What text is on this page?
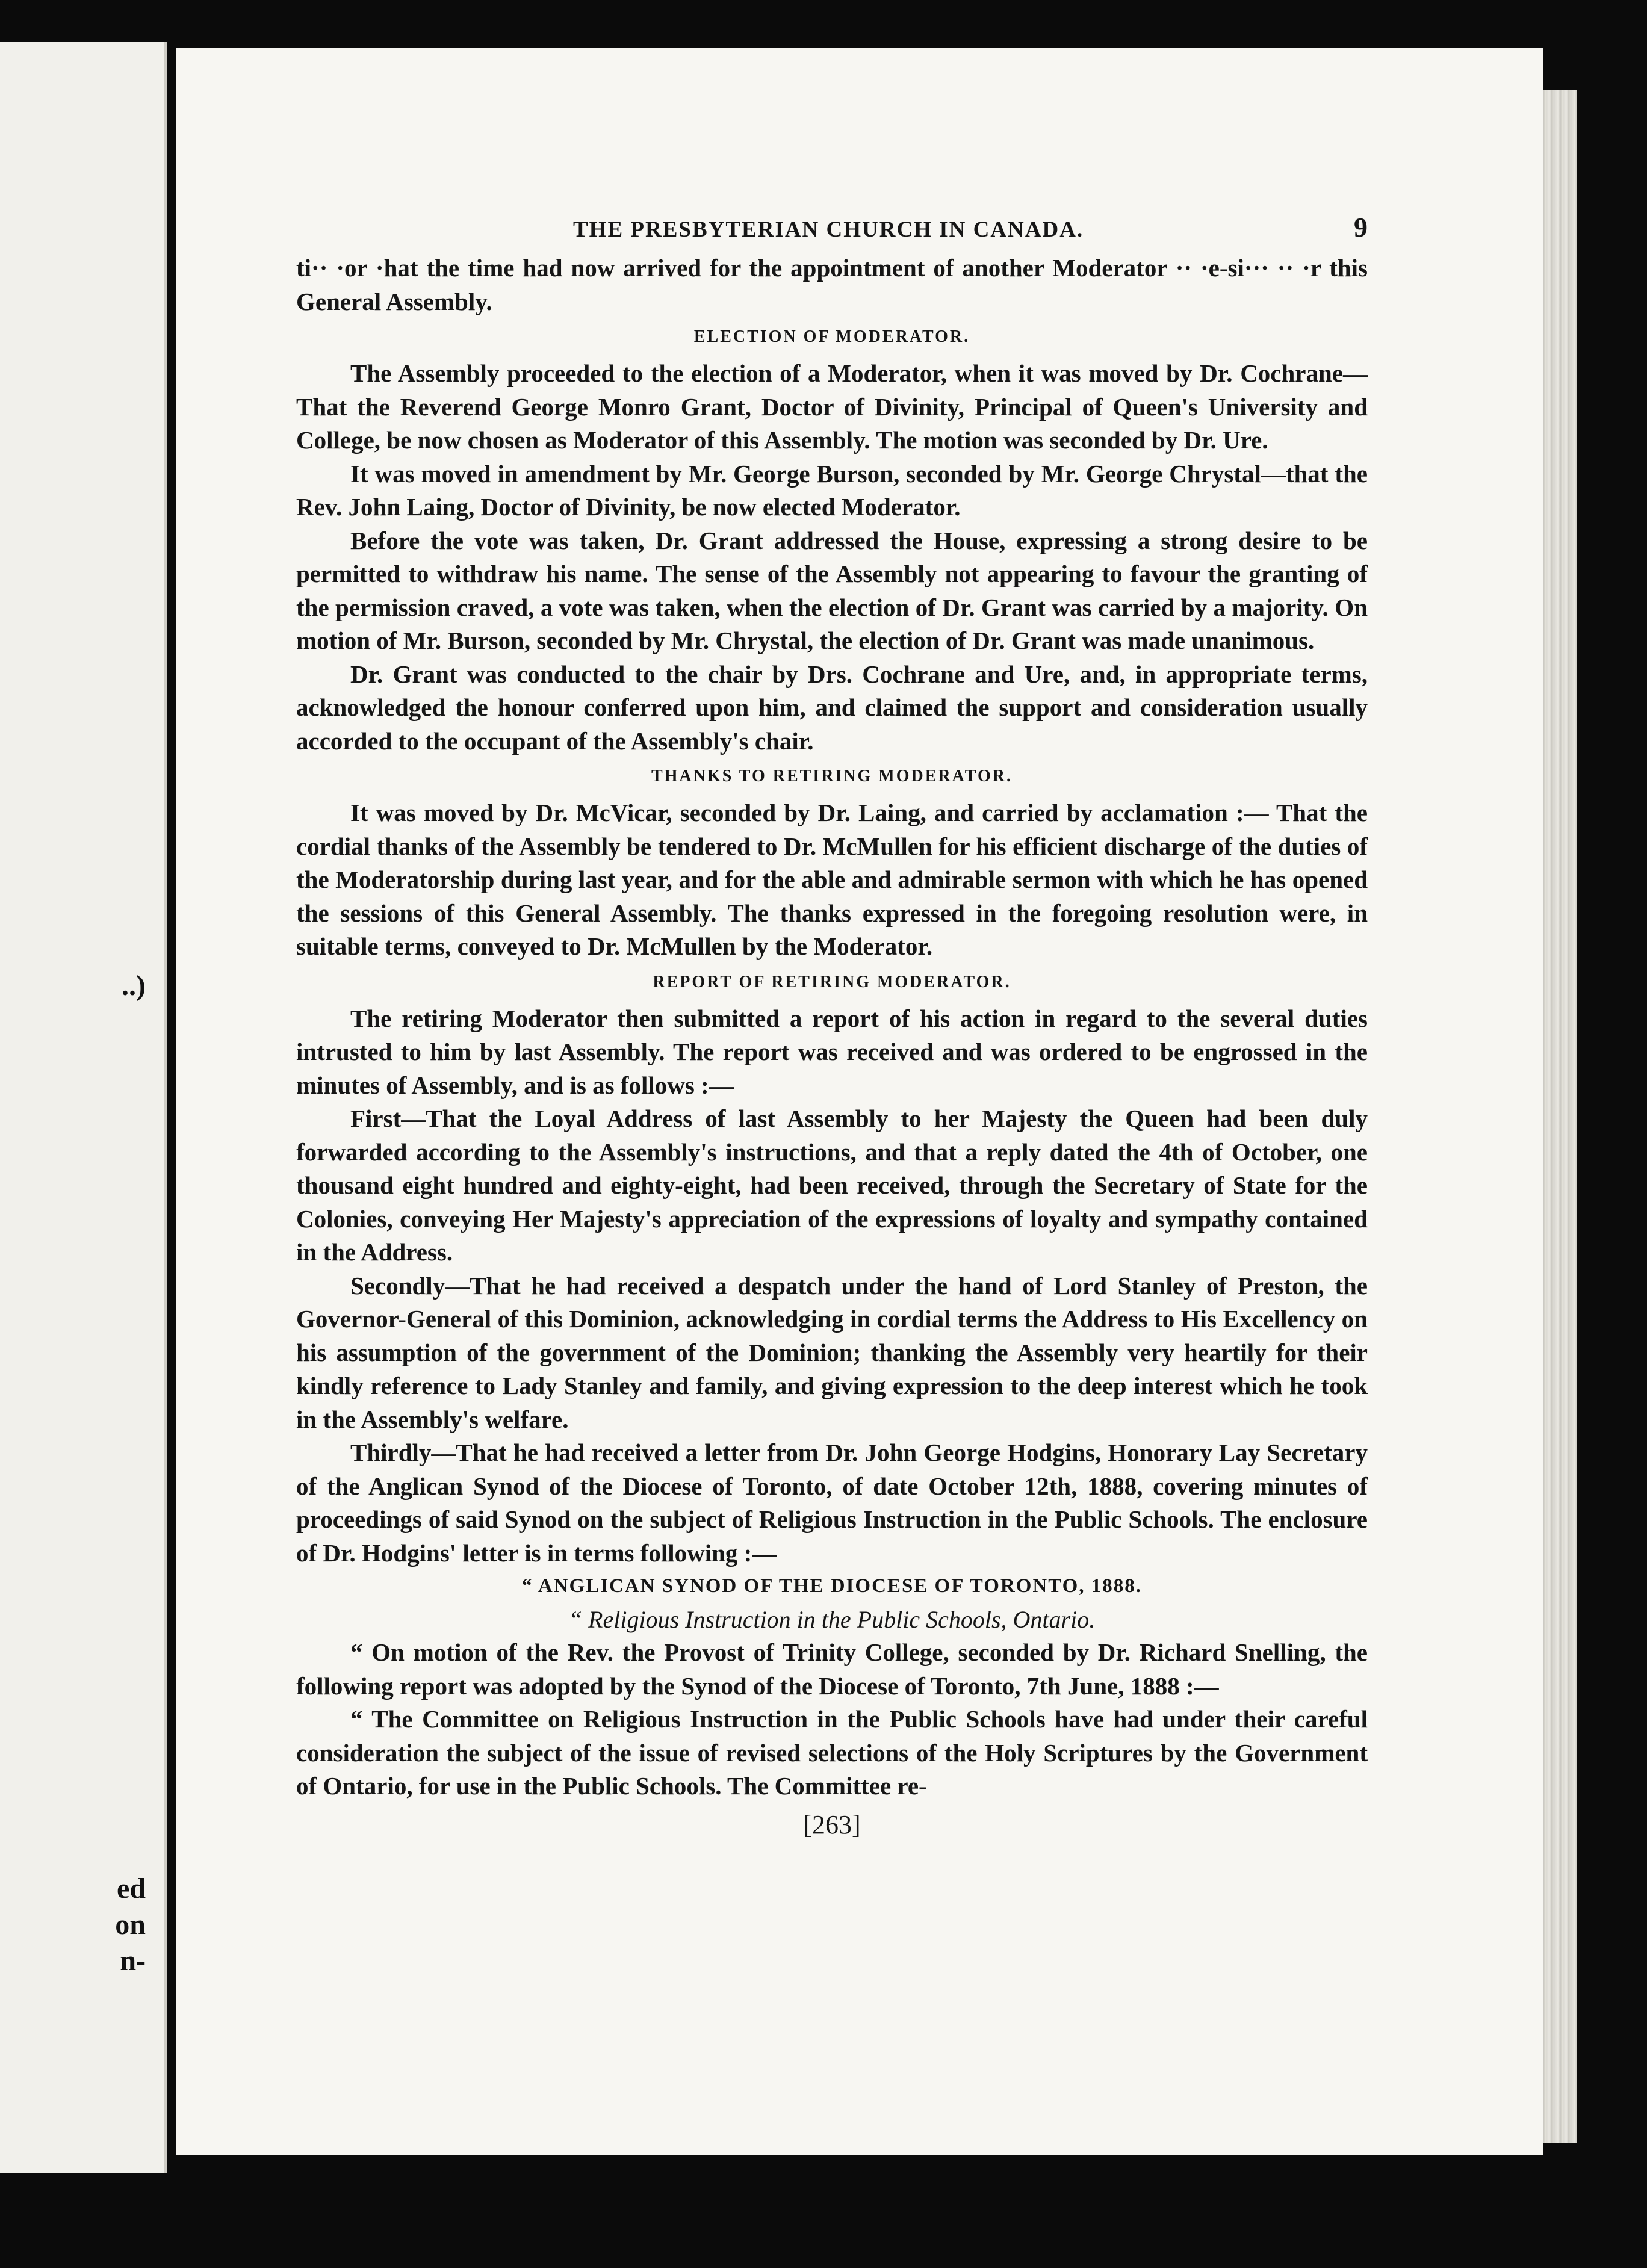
..)
ed
on
n-
THE PRESBYTERIAN CHURCH IN CANADA.	9

ti·· ·or ·hat the time had now arrived for the appointment of another Moderator ·· ·e-si··· ·· ·r this General Assembly.

ELECTION OF MODERATOR.

The Assembly proceeded to the election of a Moderator, when it was moved by Dr. Cochrane—That the Reverend George Monro Grant, Doctor of Divinity, Principal of Queen's University and College, be now chosen as Moderator of this Assembly. The motion was seconded by Dr. Ure.

It was moved in amendment by Mr. George Burson, seconded by Mr. George Chrystal—that the Rev. John Laing, Doctor of Divinity, be now elected Moderator.

Before the vote was taken, Dr. Grant addressed the House, expressing a strong desire to be permitted to withdraw his name. The sense of the Assembly not appearing to favour the granting of the permission craved, a vote was taken, when the election of Dr. Grant was carried by a majority. On motion of Mr. Burson, seconded by Mr. Chrystal, the election of Dr. Grant was made unanimous.

Dr. Grant was conducted to the chair by Drs. Cochrane and Ure, and, in appropriate terms, acknowledged the honour conferred upon him, and claimed the support and consideration usually accorded to the occupant of the Assembly's chair.

THANKS TO RETIRING MODERATOR.

It was moved by Dr. McVicar, seconded by Dr. Laing, and carried by acclamation :— That the cordial thanks of the Assembly be tendered to Dr. McMullen for his efficient discharge of the duties of the Moderatorship during last year, and for the able and admirable sermon with which he has opened the sessions of this General Assembly. The thanks expressed in the foregoing resolution were, in suitable terms, conveyed to Dr. McMullen by the Moderator.

REPORT OF RETIRING MODERATOR.

The retiring Moderator then submitted a report of his action in regard to the several duties intrusted to him by last Assembly. The report was received and was ordered to be engrossed in the minutes of Assembly, and is as follows :—

First—That the Loyal Address of last Assembly to her Majesty the Queen had been duly forwarded according to the Assembly's instructions, and that a reply dated the 4th of October, one thousand eight hundred and eighty-eight, had been received, through the Secretary of State for the Colonies, conveying Her Majesty's appreciation of the expressions of loyalty and sympathy contained in the Address.

Secondly—That he had received a despatch under the hand of Lord Stanley of Preston, the Governor-General of this Dominion, acknowledging in cordial terms the Address to His Excellency on his assumption of the government of the Dominion; thanking the Assembly very heartily for their kindly reference to Lady Stanley and family, and giving expression to the deep interest which he took in the Assembly's welfare.

Thirdly—That he had received a letter from Dr. John George Hodgins, Honorary Lay Secretary of the Anglican Synod of the Diocese of Toronto, of date October 12th, 1888, covering minutes of proceedings of said Synod on the subject of Religious Instruction in the Public Schools. The enclosure of Dr. Hodgins' letter is in terms following :—

“ ANGLICAN SYNOD OF THE DIOCESE OF TORONTO, 1888.
“ Religious Instruction in the Public Schools, Ontario.

“ On motion of the Rev. the Provost of Trinity College, seconded by Dr. Richard Snelling, the following report was adopted by the Synod of the Diocese of Toronto, 7th June, 1888 :—

“ The Committee on Religious Instruction in the Public Schools have had under their careful consideration the subject of the issue of revised selections of the Holy Scriptures by the Government of Ontario, for use in the Public Schools. The Committee re-

[263]
